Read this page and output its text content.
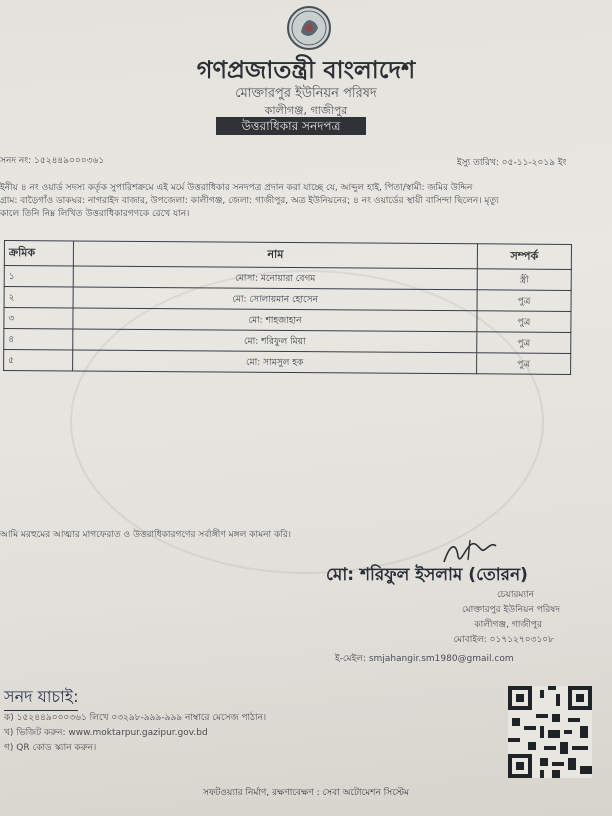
গণপ্রজাতন্ত্রী বাংলাদেশ
মোক্তারপুর ইউনিয়ন পরিষদ
কালীগঞ্জ, গাজীপুর
উত্তরাধিকার সনদপত্র
সনদ নং: ১৫২৪৪৯০০০৩৬১	ইস্যু তারিখ: ০৫-১১-২০১৯ ইং
ইনীয় ৪ নং ওয়ার্ড সদস্য কর্তৃক সুপারিশক্রমে এই মর্মে উত্তরাধিকার সনদপত্র প্রদান করা যাচ্ছে যে, আব্দুল হাই, পিতা/স্বামী: জমির উদ্দিন
গ্রাম: বাড়ৈগাঁও ডাকঘর: নাগরাইদ বাজার, উপজেলা: কালীগঞ্জ, জেলা: গাজীপুর, অত্র ইউনিয়নের; ৪ নং ওয়ার্ডের স্থায়ী বাসিন্দা ছিলেন। মৃত্যু
কালে তিনি নিম্ন লিখিত উত্তরাধিকারগণকে রেখে যান।
ক্রমিক	নাম	সম্পর্ক
১	মোসা: মনোয়ারা বেগম	স্ত্রী
২	মো: সোলায়মান হোসেন	পুত্র
৩	মো: শাহজাহান	পুত্র
৪	মো: শরিফুল মিয়া	পুত্র
৫	মো: সামসুল হক	পুত্র
আমি মরহুমের আত্মার মাগফেরাত ও উত্তরাধিকারগণের সর্বাঙ্গীণ মঙ্গল কামনা করি।
মো: শরিফুল ইসলাম (তোরন)
চেয়ারম্যান
মোক্তারপুর ইউনিয়ন পরিষদ
কালীগঞ্জ, গাজীপুর
মোবাইল: ০১৭১২৭০৩১০৮
ই-মেইল: smjahangir.sm1980@gmail.com
সনদ যাচাই:
ক) ১৫২৪৪৯০০০৩৬১ লিখে ০৩২৯৮-৯৯৯-৯৯৯ নাম্বারে মেসেজ পাঠান।
খ) ভিজিট করুন: www.moktarpur.gazipur.gov.bd
গ) QR কোড স্ক্যান করুন।
সফটওয়্যার নির্মাণ, রক্ষণাবেক্ষণ : সেবা অটোমেশন সিস্টেম
